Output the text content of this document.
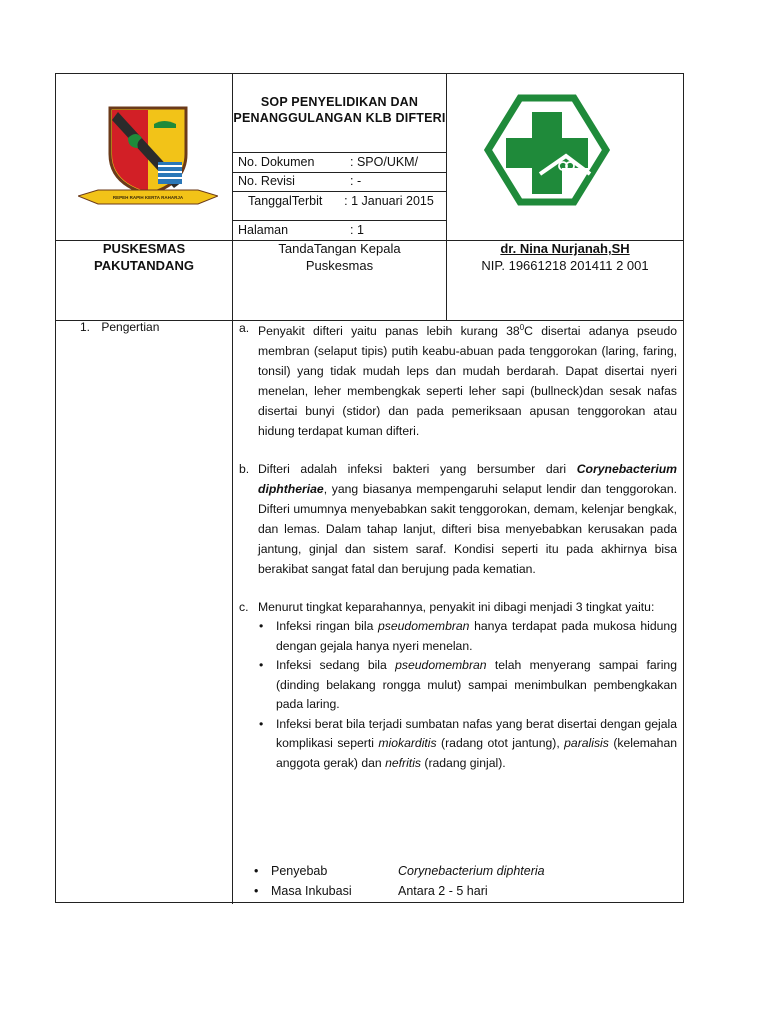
REPEH RAPIH KERTA RAHARJA
SOP PENYELIDIKAN DAN PENANGGULANGAN KLB DIFTERI
No. Dokumen	: SPO/UKM/
No. Revisi	: -
TanggalTerbit	: 1 Januari 2015
Halaman	: 1
PUSKESMAS PAKUTANDANG
TandaTangan Kepala Puskesmas
dr. Nina Nurjanah,SH
NIP. 19661218 201411 2 001
1. Pengertian	a. Penyakit difteri yaitu panas lebih kurang $38^0C$ disertai adanya pseudo membran (selaput tipis) putih keabu-abuan pada tenggorokan (laring, faring, tonsil) yang tidak mudah leps dan mudah berdarah. Dapat disertai nyeri menelan, leher membengkak seperti leher sapi (bullneck)dan sesak nafas disertai bunyi (stidor) dan pada pemeriksaan apusan tenggorokan atau hidung terdapat kuman difteri.
b. Difteri adalah infeksi bakteri yang bersumber dari Corynebacterium diphtheriae, yang biasanya mempengaruhi selaput lendir dan tenggorokan. Difteri umumnya menyebabkan sakit tenggorokan, demam, kelenjar bengkak, dan lemas. Dalam tahap lanjut, difteri bisa menyebabkan kerusakan pada jantung, ginjal dan sistem saraf. Kondisi seperti itu pada akhirnya bisa berakibat sangat fatal dan berujung pada kematian.
c. Menurut tingkat keparahannya, penyakit ini dibagi menjadi 3 tingkat yaitu:
• Infeksi ringan bila pseudomembran hanya terdapat pada mukosa hidung dengan gejala hanya nyeri menelan.
• Infeksi sedang bila pseudomembran telah menyerang sampai faring (dinding belakang rongga mulut) sampai menimbulkan pembengkakan pada laring.
• Infeksi berat bila terjadi sumbatan nafas yang berat disertai dengan gejala komplikasi seperti miokarditis (radang otot jantung), paralisis (kelemahan anggota gerak) dan nefritis (radang ginjal).
• Penyebab	Corynebacterium diphteria
• Masa Inkubasi	Antara 2 - 5 hari
